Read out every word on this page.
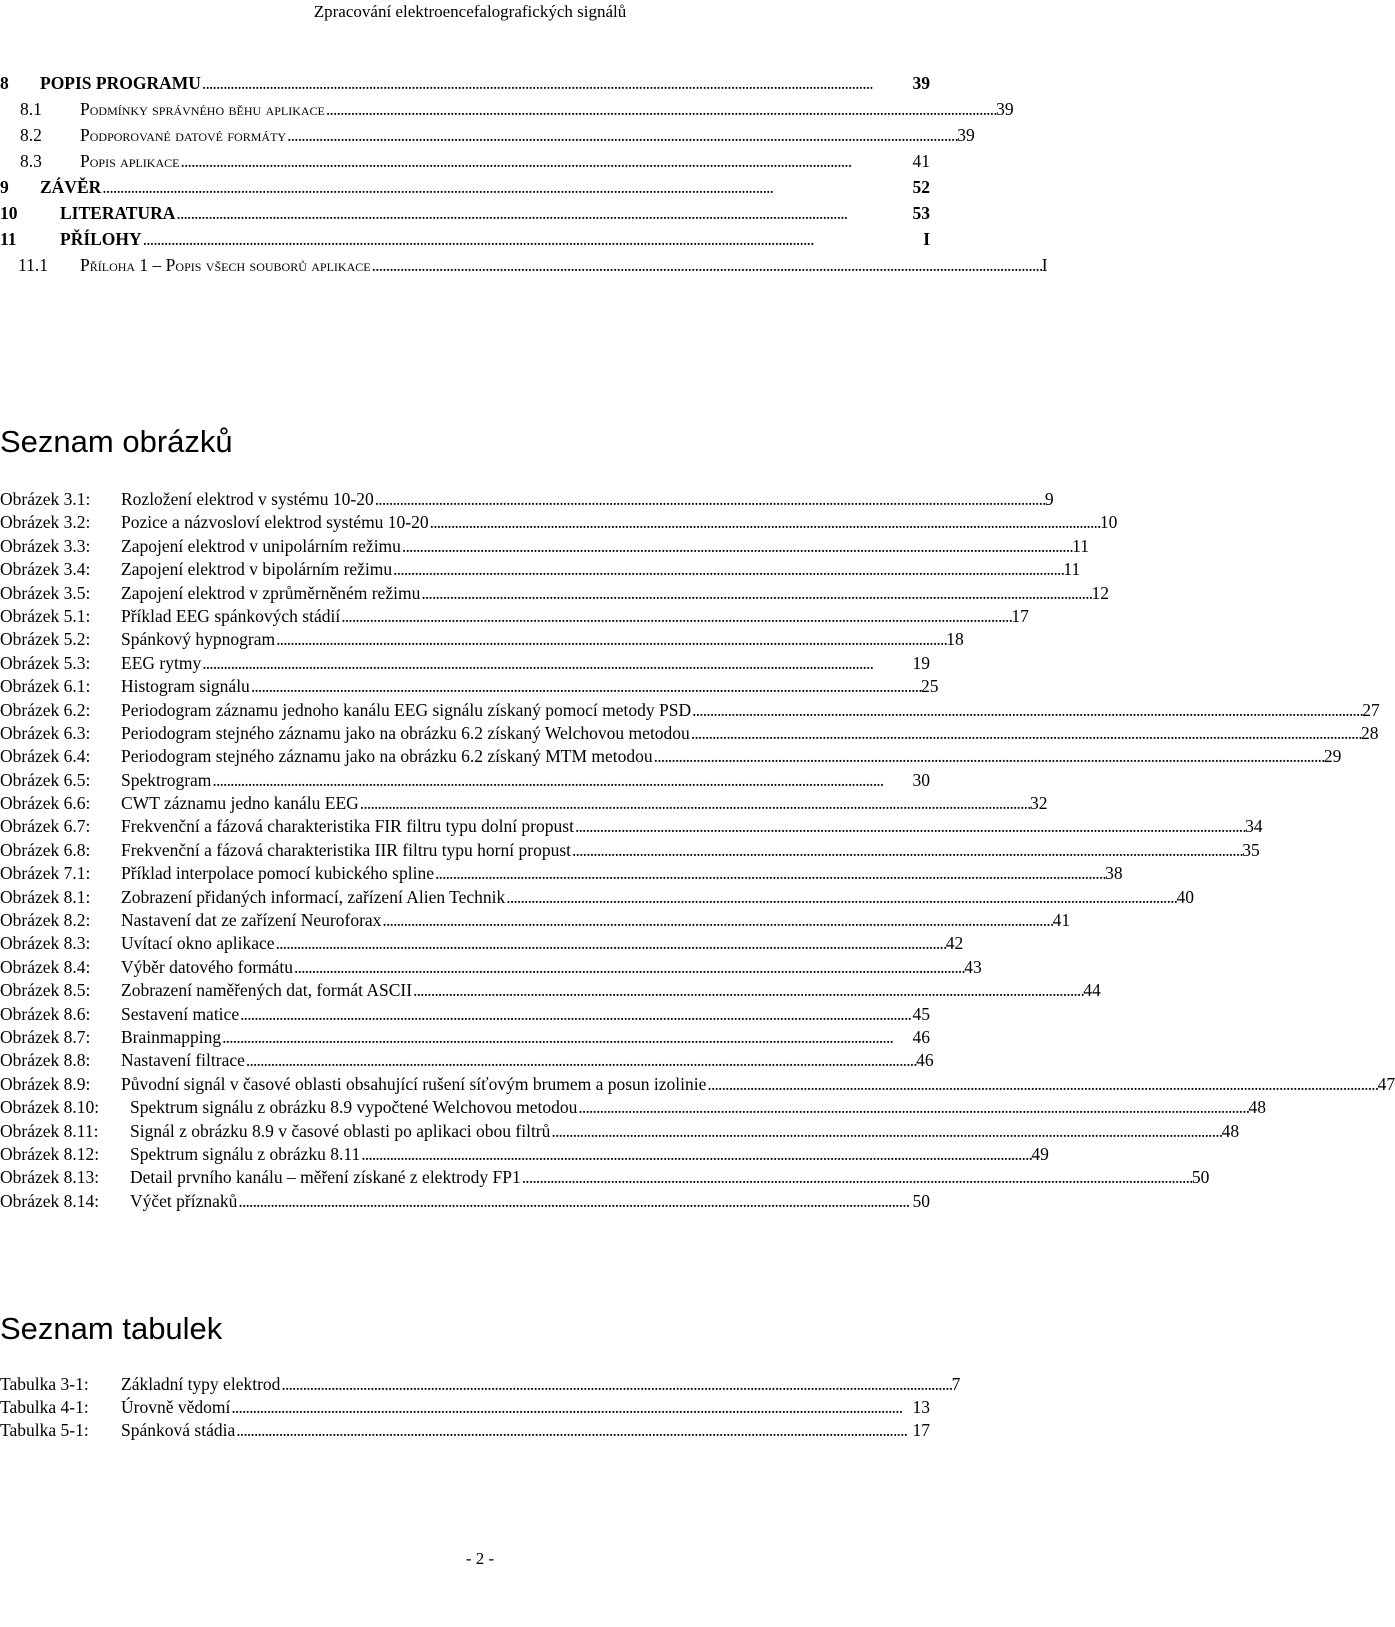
Zpracování elektroencefalografických signálů
8	POPIS PROGRAMU . . .	39
8.1	Podmínky správného běhu aplikace . . .	39
8.2	Podporované datové formáty . . .	39
8.3	Popis aplikace . . .	41
9	ZÁVĚR . . .	52
10	LITERATURA . . .	53
11	PŘÍLOHY . . .	I
11.1	Příloha 1 – Popis všech souborů aplikace . . .	I
Seznam obrázků
Obrázek 3.1:	Rozložení elektrod v systému 10-20 . . .	9
Obrázek 3.2:	Pozice a názvosloví elektrod systému 10-20 . . .	10
Obrázek 3.3:	Zapojení elektrod v unipolárním režimu . . .	11
Obrázek 3.4:	Zapojení elektrod v bipolárním režimu . . .	11
Obrázek 3.5:	Zapojení elektrod v zprůměrněném režimu . . .	12
Obrázek 5.1:	Příklad EEG spánkových stádií . . .	17
Obrázek 5.2:	Spánkový hypnogram . . .	18
Obrázek 5.3:	EEG rytmy . . .	19
Obrázek 6.1:	Histogram signálu . . .	25
Obrázek 6.2:	Periodogram záznamu jednoho kanálu EEG signálu získaný pomocí metody PSD . . .	27
Obrázek 6.3:	Periodogram stejného záznamu jako na obrázku 6.2 získaný Welchovou metodou . . .	28
Obrázek 6.4:	Periodogram stejného záznamu jako na obrázku 6.2 získaný MTM metodou . . .	29
Obrázek 6.5:	Spektrogram . . .	30
Obrázek 6.6:	CWT záznamu jedno kanálu EEG . . .	32
Obrázek 6.7:	Frekvenční a fázová charakteristika FIR filtru typu dolní propust . . .	34
Obrázek 6.8:	Frekvenční a fázová charakteristika IIR filtru typu horní propust . . .	35
Obrázek 7.1:	Příklad interpolace pomocí kubického spline . . .	38
Obrázek 8.1:	Zobrazení přidaných informací, zařízení Alien Technik . . .	40
Obrázek 8.2:	Nastavení dat ze zařízení Neuroforax . . .	41
Obrázek 8.3:	Uvítací okno aplikace . . .	42
Obrázek 8.4:	Výběr datového formátu . . .	43
Obrázek 8.5:	Zobrazení naměřených dat, formát ASCII . . .	44
Obrázek 8.6:	Sestavení matice . . .	45
Obrázek 8.7:	Brainmapping . . .	46
Obrázek 8.8:	Nastavení filtrace . . .	46
Obrázek 8.9:	Původní signál v časové oblasti obsahující rušení síťovým brumem a posun izolinie . . .	47
Obrázek 8.10:	Spektrum signálu z obrázku 8.9 vypočtené Welchovou metodou . . .	48
Obrázek 8.11:	Signál z obrázku 8.9 v časové oblasti po aplikaci obou filtrů . . .	48
Obrázek 8.12:	Spektrum signálu z obrázku 8.11 . . .	49
Obrázek 8.13:	Detail prvního kanálu – měření získané z elektrody FP1 . . .	50
Obrázek 8.14:	Výčet příznaků . . .	50
Seznam tabulek
Tabulka 3-1:	Základní typy elektrod . . .	7
Tabulka 4-1:	Úrovně vědomí . . .	13
Tabulka 5-1:	Spánková stádia . . .	17
- 2 -
